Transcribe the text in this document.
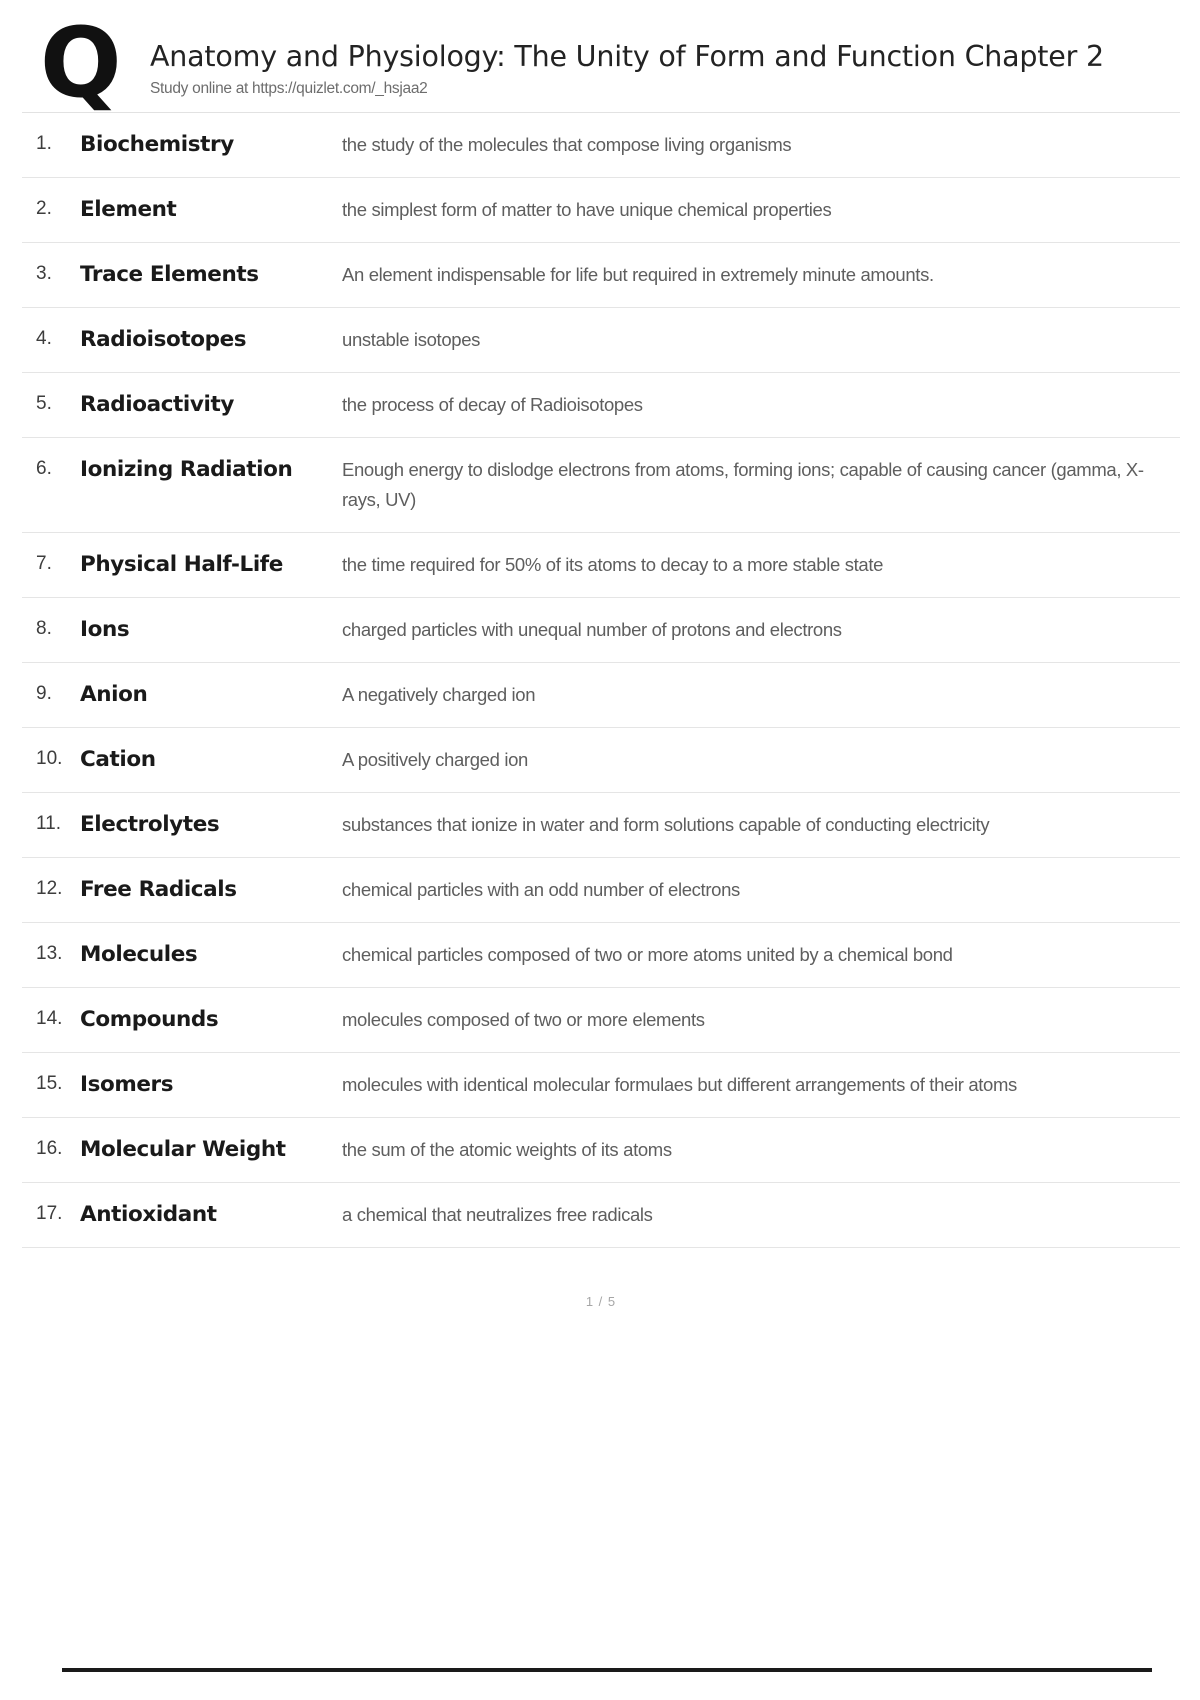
Q Anatomy and Physiology: The Unity of Form and Function Chapter 2
Study online at https://quizlet.com/_hsjaa2
1.	Biochemistry	the study of the molecules that compose living organisms
2.	Element	the simplest form of matter to have unique chemical properties
3.	Trace Elements	An element indispensable for life but required in extremely minute amounts.
4.	Radioisotopes	unstable isotopes
5.	Radioactivity	the process of decay of Radioisotopes
6.	Ionizing Radiation	Enough energy to dislodge electrons from atoms, forming ions; capable of causing cancer (gamma, X-rays, UV)
7.	Physical Half-Life	the time required for 50% of its atoms to decay to a more stable state
8.	Ions	charged particles with unequal number of protons and electrons
9.	Anion	A negatively charged ion
10. Cation	A positively charged ion
11. Electrolytes	substances that ionize in water and form solutions capable of conducting electricity
12. Free Radicals	chemical particles with an odd number of electrons
13. Molecules	chemical particles composed of two or more atoms united by a chemical bond
14. Compounds	molecules composed of two or more elements
15. Isomers	molecules with identical molecular formulaes but different arrangements of their atoms
16. Molecular Weight	the sum of the atomic weights of its atoms
17. Antioxidant	a chemical that neutralizes free radicals
1 / 5
